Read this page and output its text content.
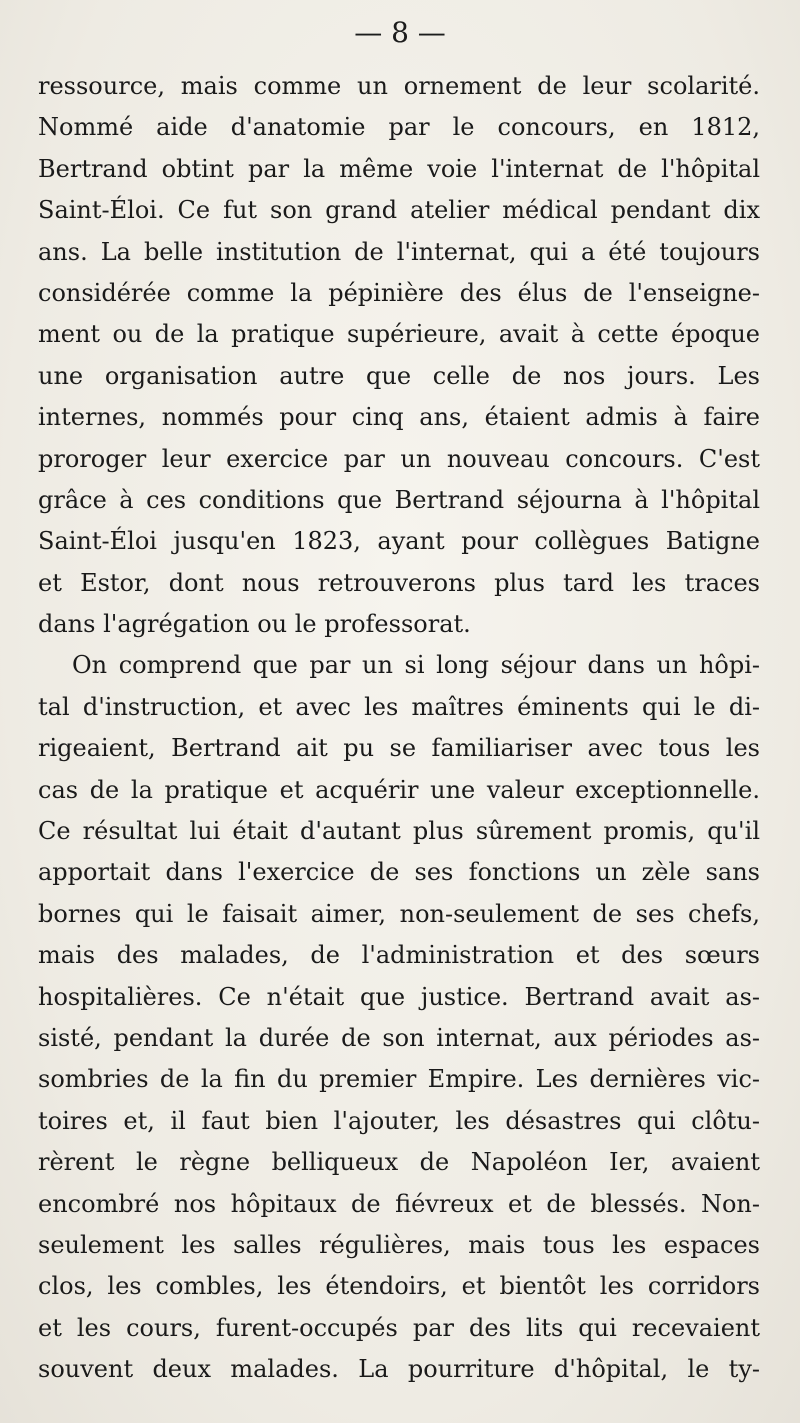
— 8 —
ressource, mais comme un ornement de leur scolarité.
Nommé aide d'anatomie par le concours, en 1812,
Bertrand obtint par la même voie l'internat de l'hôpital
Saint-Éloi. Ce fut son grand atelier médical pendant dix
ans. La belle institution de l'internat, qui a été toujours
considérée comme la pépinière des élus de l'enseigne-
ment ou de la pratique supérieure, avait à cette époque
une organisation autre que celle de nos jours. Les
internes, nommés pour cinq ans, étaient admis à faire
proroger leur exercice par un nouveau concours. C'est
grâce à ces conditions que Bertrand séjourna à l'hôpital
Saint-Éloi jusqu'en 1823, ayant pour collègues Batigne
et Estor, dont nous retrouverons plus tard les traces
dans l'agrégation ou le professorat.
On comprend que par un si long séjour dans un hôpi-
tal d'instruction, et avec les maîtres éminents qui le di-
rigeaient, Bertrand ait pu se familiariser avec tous les
cas de la pratique et acquérir une valeur exceptionnelle.
Ce résultat lui était d'autant plus sûrement promis, qu'il
apportait dans l'exercice de ses fonctions un zèle sans
bornes qui le faisait aimer, non-seulement de ses chefs,
mais des malades, de l'administration et des sœurs
hospitalières. Ce n'était que justice. Bertrand avait as-
sisté, pendant la durée de son internat, aux périodes as-
sombries de la fin du premier Empire. Les dernières vic-
toires et, il faut bien l'ajouter, les désastres qui clôtu-
rèrent le règne belliqueux de Napoléon Ier, avaient
encombré nos hôpitaux de fiévreux et de blessés. Non-
seulement les salles régulières, mais tous les espaces
clos, les combles, les étendoirs, et bientôt les corridors
et les cours, furent-occupés par des lits qui recevaient
souvent deux malades. La pourriture d'hôpital, le ty-
